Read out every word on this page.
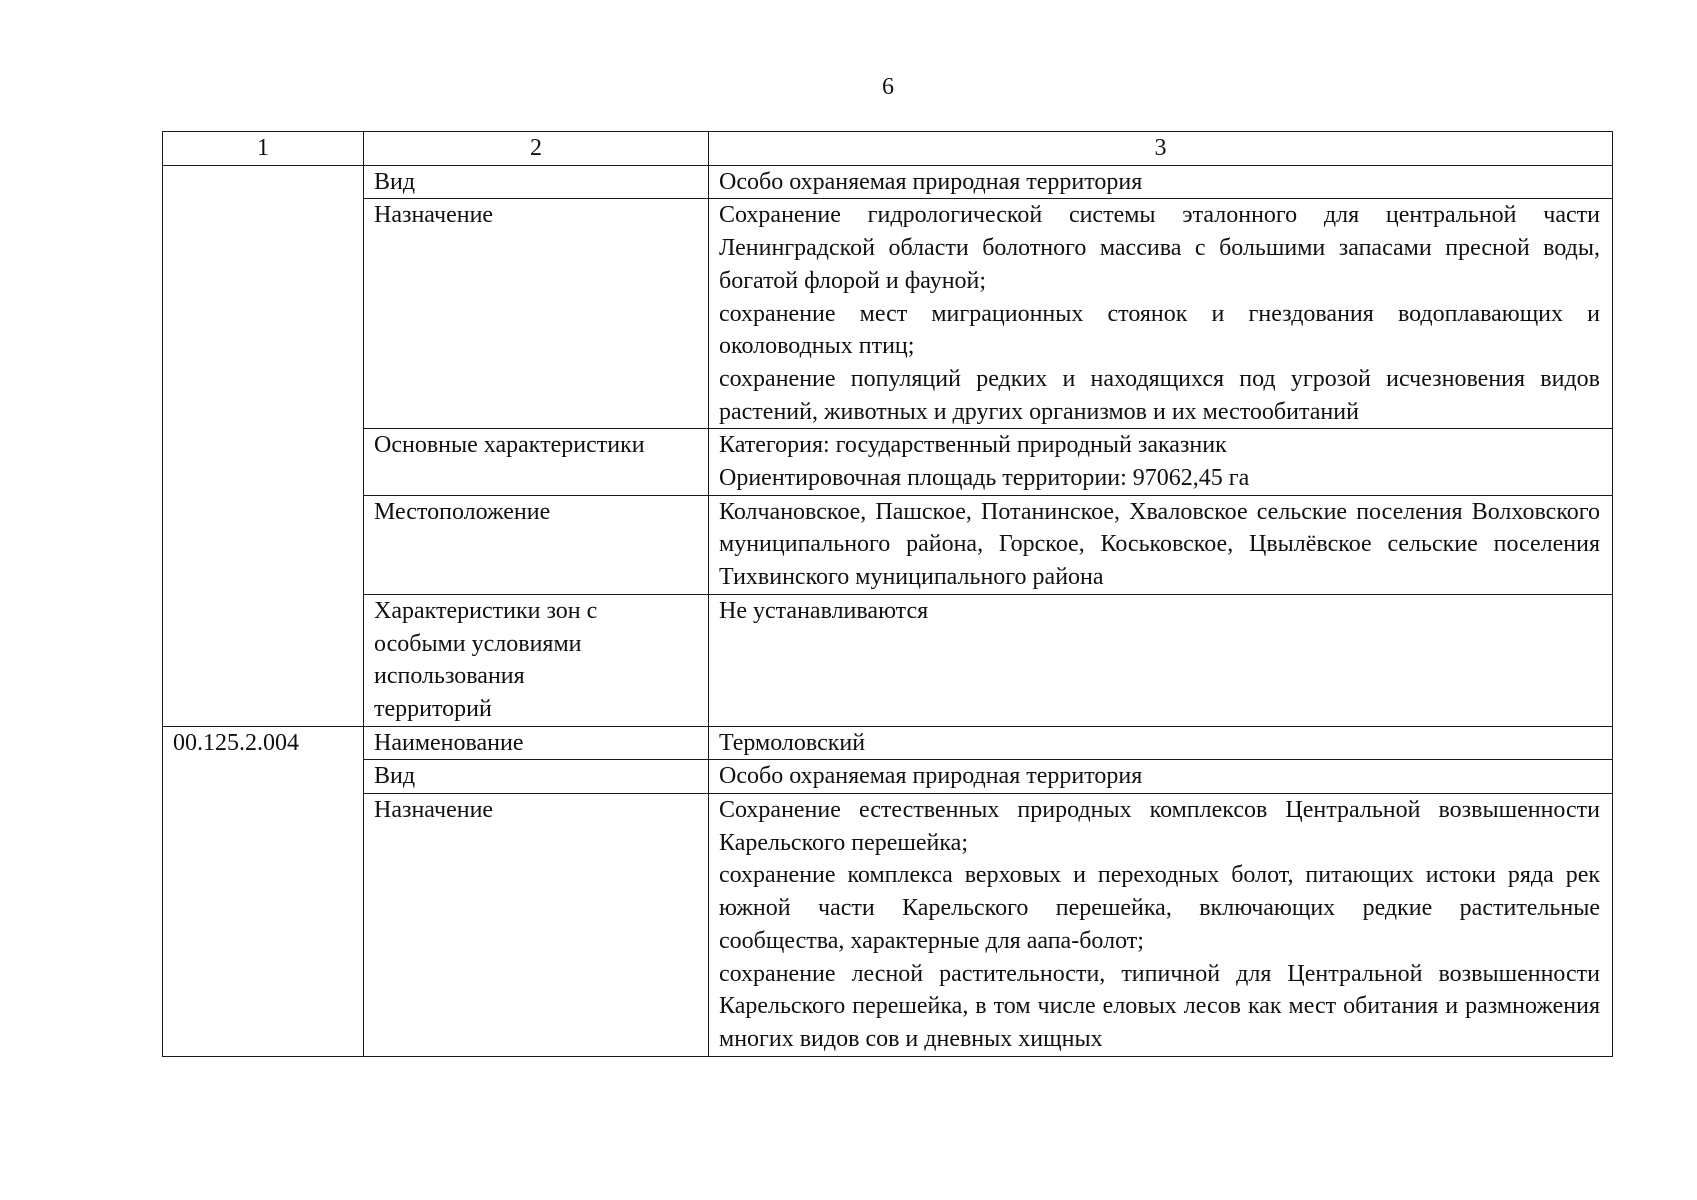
6
1	2	3
	Вид	Особо охраняемая природная территория

	Назначение	Сохранение гидрологической системы эталонного для центральной части Ленинградской области болотного массива с большими запасами пресной воды, богатой флорой и фауной;

сохранение мест миграционных стоянок и гнездования водоплавающих и околоводных птиц;

сохранение популяций редких и находящихся под угрозой исчезновения видов растений, животных и других организмов и их местообитаний

	Основные характеристики	Категория: государственный природный заказник

Ориентировочная площадь территории: 97062,45 га

	Местоположение	Колчановское, Пашское, Потанинское, Хваловское сельские поселения Волховского муниципального района, Горское, Коськовское, Цвылёвское сельские поселения Тихвинского муниципального района

	Характеристики зон с особыми условиями использования территорий	Не устанавливаются

00.125.2.004	Наименование	Термоловский

	Вид	Особо охраняемая природная территория

	Назначение	Сохранение естественных природных комплексов Центральной возвышенности Карельского перешейка;

сохранение комплекса верховых и переходных болот, питающих истоки ряда рек южной части Карельского перешейка, включающих редкие растительные сообщества, характерные для аапа-болот;

сохранение лесной растительности, типичной для Центральной возвышенности Карельского перешейка, в том числе еловых лесов как мест обитания и размножения многих видов сов и дневных хищных
